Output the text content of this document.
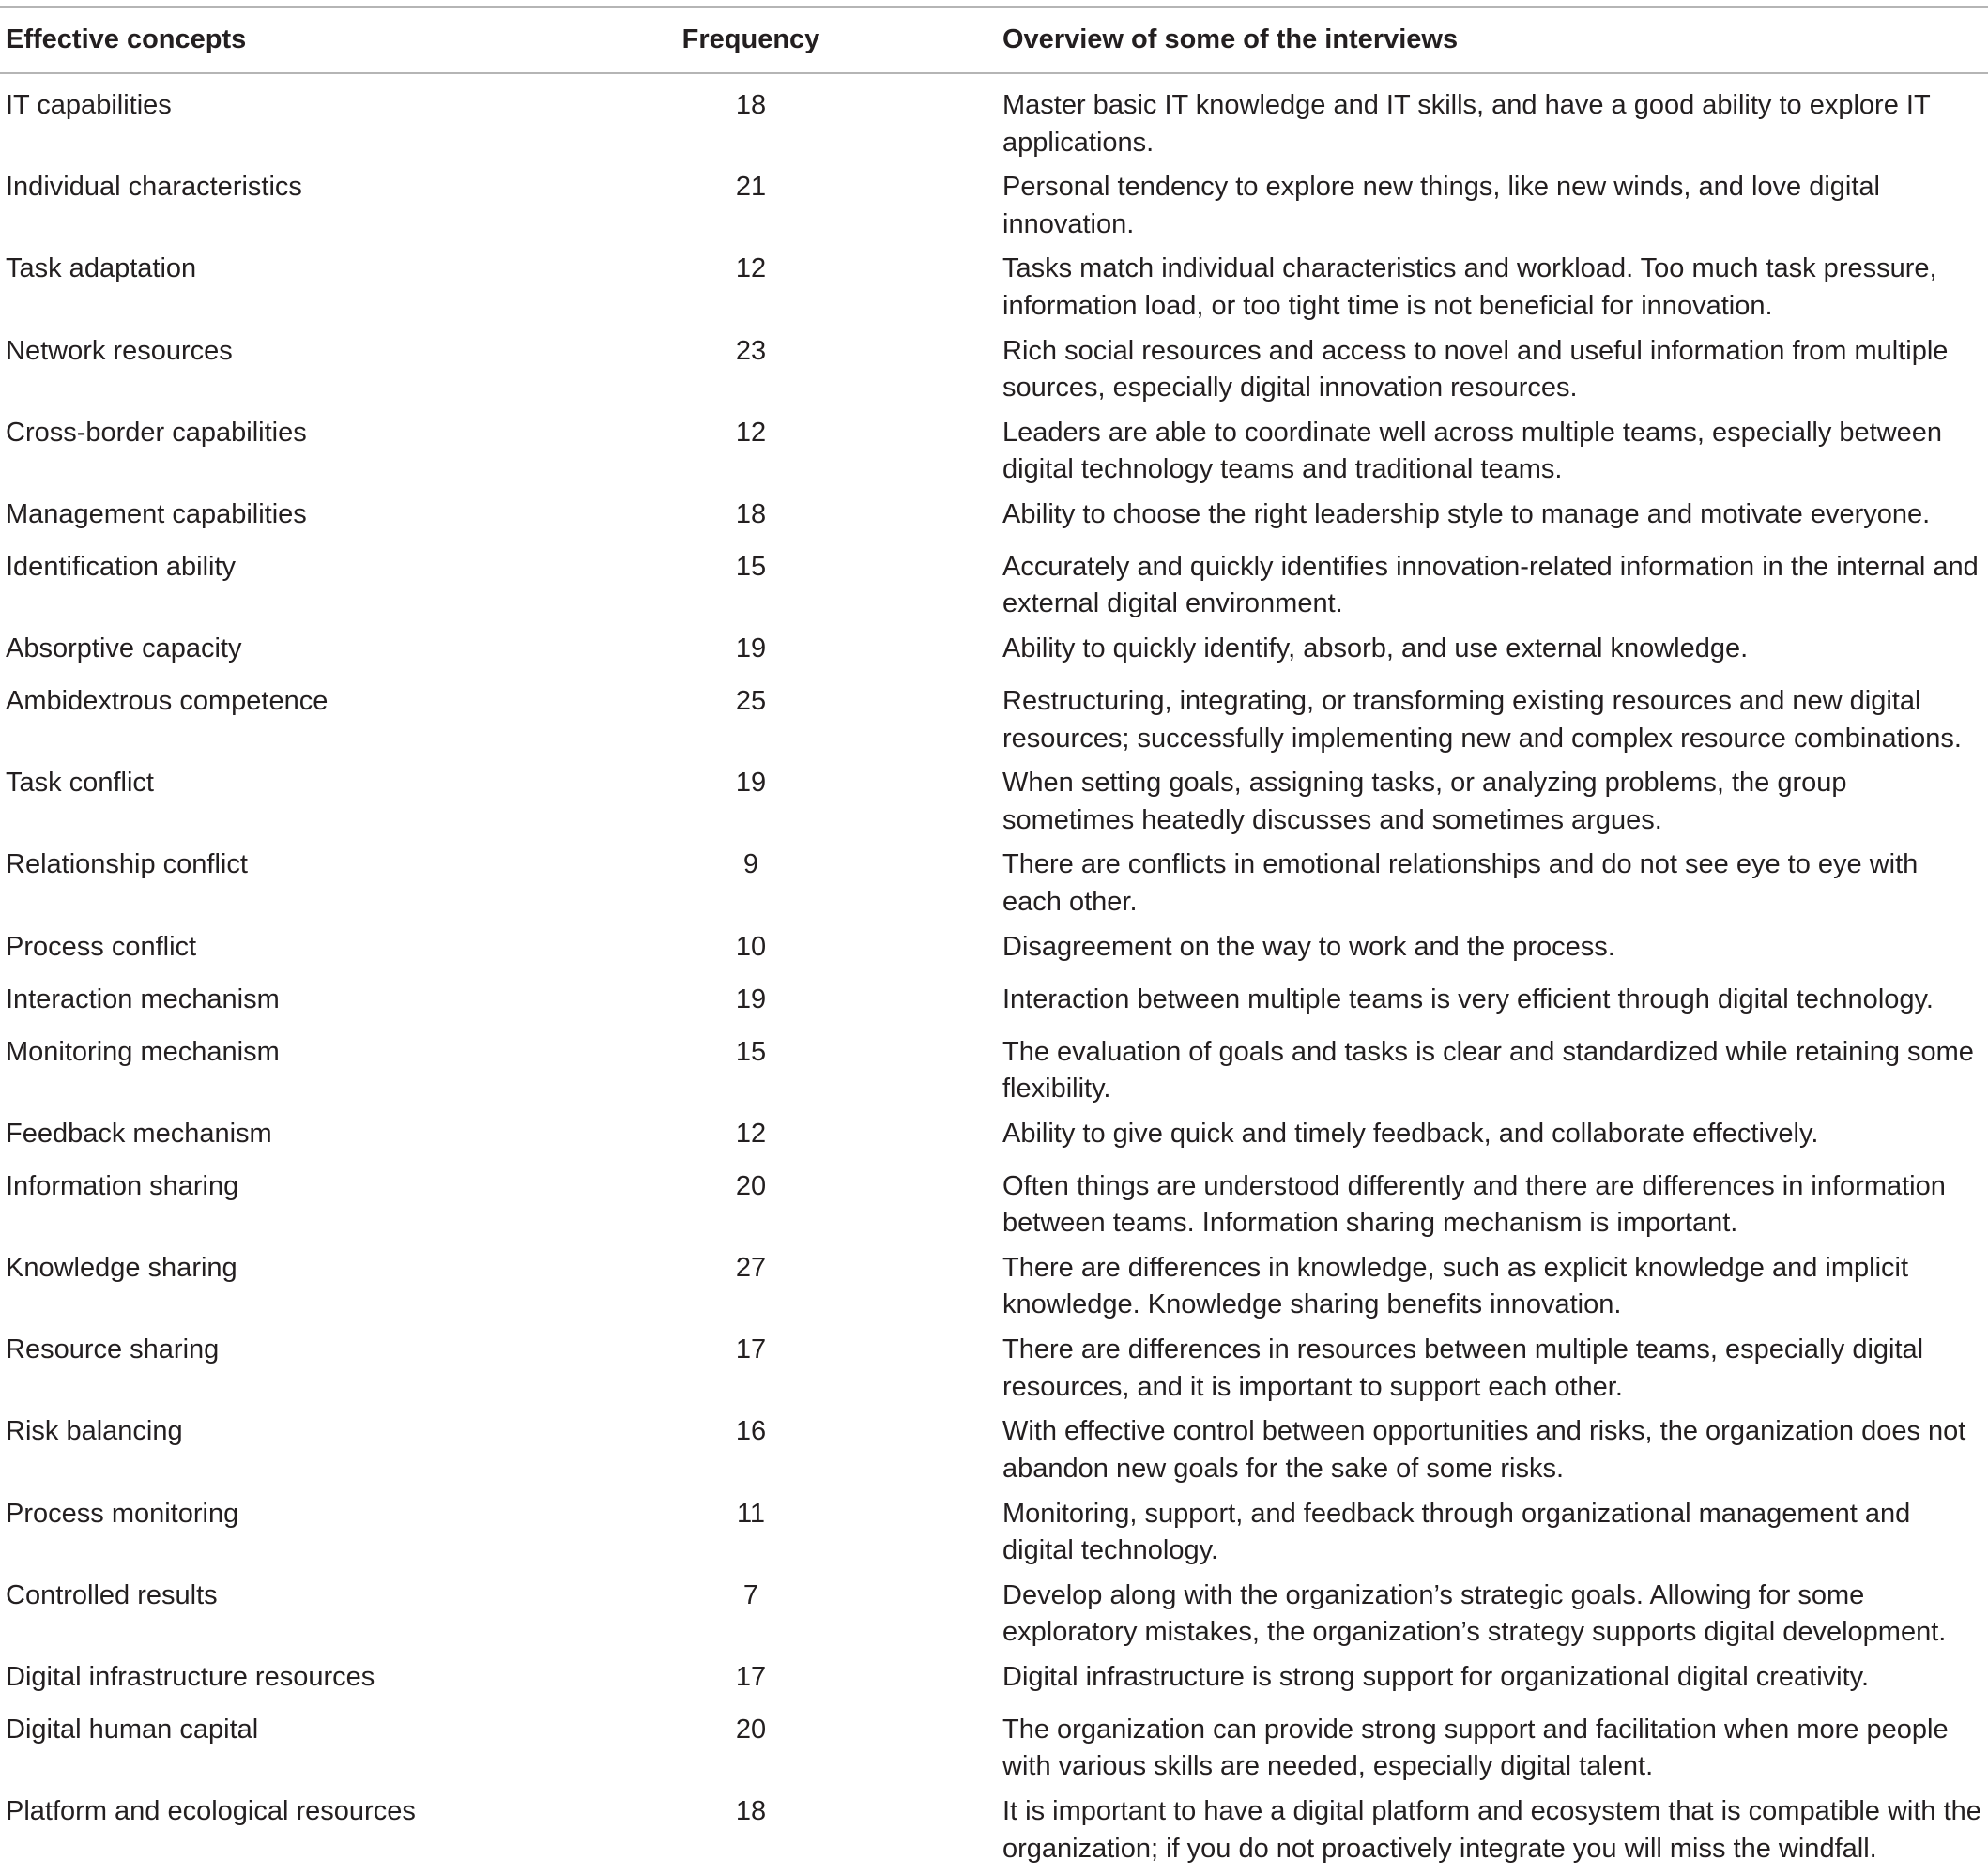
Effective concepts	Frequency	Overview of some of the interviews
IT capabilities	18	Master basic IT knowledge and IT skills, and have a good ability to explore IT applications.
Individual characteristics	21	Personal tendency to explore new things, like new winds, and love digital innovation.
Task adaptation	12	Tasks match individual characteristics and workload. Too much task pressure, information load, or too tight time is not beneficial for innovation.
Network resources	23	Rich social resources and access to novel and useful information from multiple sources, especially digital innovation resources.
Cross-border capabilities	12	Leaders are able to coordinate well across multiple teams, especially between digital technology teams and traditional teams.
Management capabilities	18	Ability to choose the right leadership style to manage and motivate everyone.
Identification ability	15	Accurately and quickly identifies innovation-related information in the internal and external digital environment.
Absorptive capacity	19	Ability to quickly identify, absorb, and use external knowledge.
Ambidextrous competence	25	Restructuring, integrating, or transforming existing resources and new digital resources; successfully implementing new and complex resource combinations.
Task conflict	19	When setting goals, assigning tasks, or analyzing problems, the group sometimes heatedly discusses and sometimes argues.
Relationship conflict	9	There are conflicts in emotional relationships and do not see eye to eye with each other.
Process conflict	10	Disagreement on the way to work and the process.
Interaction mechanism	19	Interaction between multiple teams is very efficient through digital technology.
Monitoring mechanism	15	The evaluation of goals and tasks is clear and standardized while retaining some flexibility.
Feedback mechanism	12	Ability to give quick and timely feedback, and collaborate effectively.
Information sharing	20	Often things are understood differently and there are differences in information between teams. Information sharing mechanism is important.
Knowledge sharing	27	There are differences in knowledge, such as explicit knowledge and implicit knowledge. Knowledge sharing benefits innovation.
Resource sharing	17	There are differences in resources between multiple teams, especially digital resources, and it is important to support each other.
Risk balancing	16	With effective control between opportunities and risks, the organization does not abandon new goals for the sake of some risks.
Process monitoring	11	Monitoring, support, and feedback through organizational management and digital technology.
Controlled results	7	Develop along with the organization’s strategic goals. Allowing for some exploratory mistakes, the organization’s strategy supports digital development.
Digital infrastructure resources	17	Digital infrastructure is strong support for organizational digital creativity.
Digital human capital	20	The organization can provide strong support and facilitation when more people with various skills are needed, especially digital talent.
Platform and ecological resources	18	It is important to have a digital platform and ecosystem that is compatible with the organization; if you do not proactively integrate you will miss the windfall.
